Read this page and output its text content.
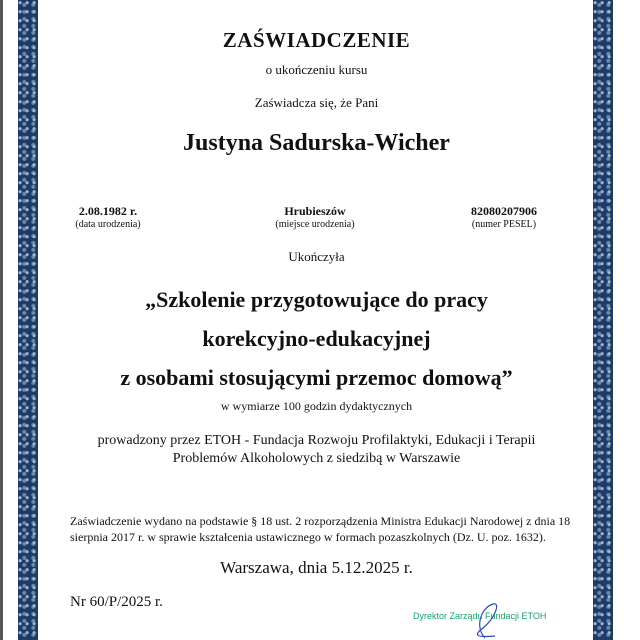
ZAŚWIADCZENIE
o ukończeniu kursu
Zaświadcza się, że Pani
Justyna Sadurska-Wicher
2.08.1982 r.
(data urodzenia)
Hrubieszów
(miejsce urodzenia)
82080207906
(numer PESEL)
Ukończyła
„Szkolenie przygotowujące do pracy
korekcyjno-edukacyjnej
z osobami stosującymi przemoc domową”
w wymiarze 100 godzin dydaktycznych
prowadzony przez ETOH - Fundacja Rozwoju Profilaktyki, Edukacji i Terapii
Problemów Alkoholowych z siedzibą w Warszawie
Zaświadczenie wydano na podstawie § 18 ust. 2 rozporządzenia Ministra Edukacji Narodowej z dnia 18 sierpnia 2017 r. w sprawie kształcenia ustawicznego w formach pozaszkolnych (Dz. U. poz. 1632).
Warszawa, dnia 5.12.2025 r.
Nr 60/P/2025 r.
Dyrektor Zarządu Fundacji ETOH
